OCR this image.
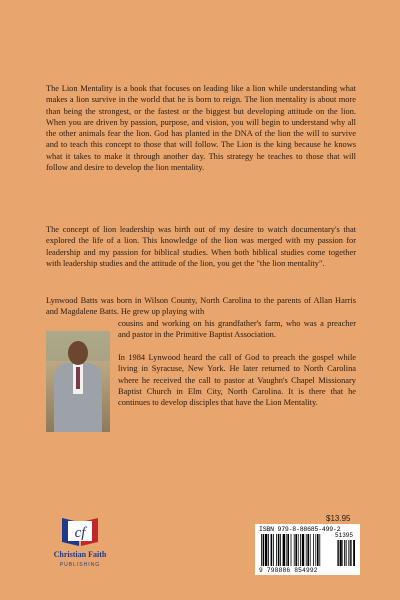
The Lion Mentality is a book that focuses on leading like a lion while understanding what makes a lion survive in the world that he is born to reign. The lion mentality is about more than being the strongest, or the fastest or the biggest but developing attitude on the lion. When you are driven by passion, purpose, and vision, you will begin to understand why all the other animals fear the lion. God has planted in the DNA of the lion the will to survive and to teach this concept to those that will follow. The Lion is the king because he knows what it takes to make it through another day. This strategy he teaches to those that will follow and desire to develop the lion mentality.

The concept of lion leadership was birth out of my desire to watch documentary's that explored the life of a lion. This knowledge of the lion was merged with my passion for leadership and my passion for biblical studies. When both biblical studies come together with leadership studies and the attitude of the lion, you get the "the lion mentality".

Lynwood Batts was born in Wilson County, North Carolina to the parents of Allan Harris and Magdalene Batts. He grew up playing with

cousins and working on his grandfather's farm, who was a preacher and pastor in the Primitive Baptist Association.

In 1984 Lynwood heard the call of God to preach the gospel while living in Syracuse, New York. He later returned to North Carolina where he received the call to pastor at Vaughn's Chapel Missionary Baptist Church in Elm City, North Carolina. It is there that he continues to develop disciples that have the Lion Mentality.

cf
Christian Faith
PUBLISHING
$13.95
ISBN 979-8-88685-499-2
51395
9 798886 854992
